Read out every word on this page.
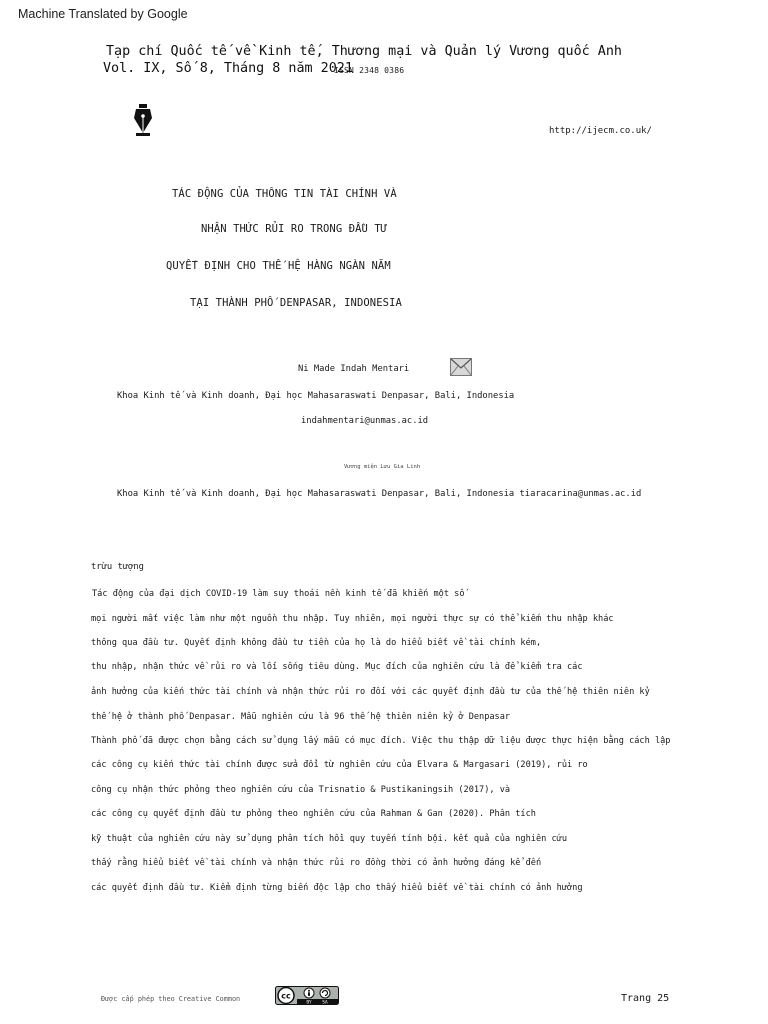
Machine Translated by Google
Tạp chí Quốc tế về Kinh tế, Thương mại và Quản lý Vương quốc Anh
Vol. IX, Số 8, Tháng 8 năm 2021
ISSN 2348 0386
http://ijecm.co.uk/
TÁC ĐỘNG CỦA THÔNG TIN TÀI CHÍNH VÀ
NHẬN THỨC RỦI RO TRONG ĐẦU TƯ
QUYẾT ĐỊNH CHO THẾ HỆ HÀNG NGÀN NĂM
TẠI THÀNH PHỐ DENPASAR, INDONESIA
Ni Made Indah Mentari
Khoa Kinh tế và Kinh doanh, Đại học Mahasaraswati Denpasar, Bali, Indonesia
indahmentari@unmas.ac.id
Vương miện Lưu Gia Linh
Khoa Kinh tế và Kinh doanh, Đại học Mahasaraswati Denpasar, Bali, Indonesia tiaracarina@unmas.ac.id
trừu tượng
Tác động của đại dịch COVID-19 làm suy thoái nền kinh tế đã khiến một số
mọi người mất việc làm như một nguồn thu nhập. Tuy nhiên, mọi người thực sự có thể kiếm thu nhập khác
thông qua đầu tư. Quyết định không đầu tư tiền của họ là do hiểu biết về tài chính kém,
thu nhập, nhận thức về rủi ro và lối sống tiêu dùng. Mục đích của nghiên cứu là để kiểm tra các
ảnh hưởng của kiến thức tài chính và nhận thức rủi ro đối với các quyết định đầu tư của thế hệ thiên niên kỷ
thế hệ ở thành phố Denpasar. Mẫu nghiên cứu là 96 thế hệ thiên niên kỷ ở Denpasar
Thành phố đã được chọn bằng cách sử dụng lấy mẫu có mục đích. Việc thu thập dữ liệu được thực hiện bằng cách lập
các công cụ kiến thức tài chính được sửa đổi từ nghiên cứu của Elvara & Margasari (2019), rủi ro
công cụ nhận thức phỏng theo nghiên cứu của Trisnatio & Pustikaningsih (2017), và
các công cụ quyết định đầu tư phỏng theo nghiên cứu của Rahman & Gan (2020). Phân tích
kỹ thuật của nghiên cứu này sử dụng phân tích hồi quy tuyến tính bội. kết quả của nghiên cứu
thấy rằng hiểu biết về tài chính và nhận thức rủi ro đồng thời có ảnh hưởng đáng kể đến
các quyết định đầu tư. Kiểm định từng biến độc lập cho thấy hiểu biết về tài chính có ảnh hưởng
Được cấp phép theo Creative Common	cc
BY	SA	Trang 25
